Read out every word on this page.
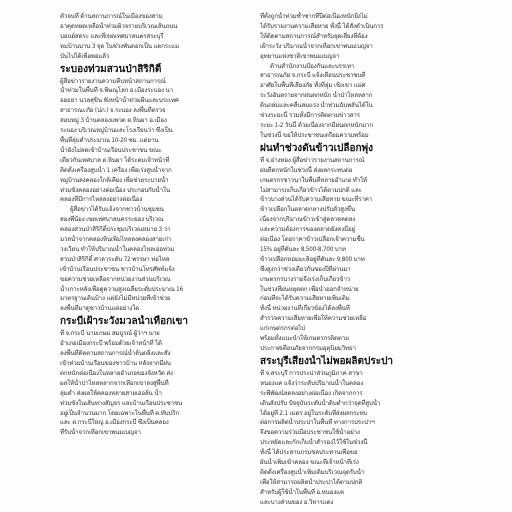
ตัวจนที่ ด้านสถานการณ์ในเมืองของสาม
อาคุดหยดเหลือน้ำท่วมผิวจรายบริเวณเส้นถนน
บอนย์สดระ และที่เขตเทศบาลนครสระบุรี
หมบ้านบาน 3 จุด ในช่วงพันดอกเป็น แดกระแม
บันไปได้เพื่อพอแล้ว
ระบองท่วมสวนป่าสิริกิติ์
ผู้สื่อข่าวรายงานความคืบหน้าสถานการณ์
น้ำท่วมในพื้นที่ จ.พิษณุโลก อ.เมืองระบอง นา
อยธยา นวลสุขิน ฟังหน้าน้ำท่วมผีนและบระเทศ
สาธารณะภัย (ปภ.) จ.ระบอง ลงพื้นที่ตรวจ
สอบหมู่ 3 บ้านคลองแพวด ต.หินผา อ.เมือง
ระบอง บริเวณหมู่บ้านและโรงเรียนว่า ซึ่งเป็น
พื้นที่ลุ่มต่ำประมาณ 10-20 ซม. แต่ยาน
น้ำยังไม่ลดเข้าบ้านเรือนประชาชน ขณะ
เดียวกันเทศบาล ต.หินผา ได้ระดมเจ้าหน้าที่
ติดตั้งเครื่องสูบน้ำ 1 เครื่อง เพื่อเร่งสูบน้ำจาก
หมู่บ้านลงคลองใกล้เคียง เพื่อช่วยระบายน้ำ
ท่วมขังคลองอย่างต่อเนื่อง ประกอบกับน้ำใน
คลองที่มีการไหลลงอย่างต่อเนื่อง
ผู้สื่อข่าวได้รับแจ้งจากชาวบ้านชุมชน
สองพี่น้อง เขตเทศบาลนครระยอง บริเวณ
คลองสวนป่าสิริกิติ์ประชุมบริเวณหมาย 3 ว่า
มวลน้ำจากคลองหินเพิ่มไหลลงคลองสายเก่า
วงเวียน ทำให้ปริมาณน้ำในคลองไหลเอ่อท่วม
สวนป่าสิริกิติ์ ศาลาระดับ 72 พรรษา ท่อไหล
เข้าบ้านเรือนประชาชน ชาวบ้านโทรศัพท์แจ้ง
ขอความช่วยเหลือจากหน่วยงานส่วนบริเวณ
น้ำเกาะหลังเพื่อดูความสูงเฉลี่ยระดับประมาณ 16
มาตรฐานเดินบ้าง แต่ยังไม่มีหน่วยที่เข้าช่วย
ลงพื้นที่มาดูชาวบ้านแต่อย่างใด
กระบี่เฝ้าระวังมวลน้ำเทือกเขา
ที่ จ.กระบี่ นายเกษม สมบูรณ์ ผู้ว่าฯ นาย
อำเภอเมืองกระบี่ พร้อมด้วยเจ้าหน้าที่ ได้
ลงพื้นที่ติดตามสถานการณ์น้ำล้นตลิ่งและสั่ง
เข้าท่วมบ้านเรือนของชาวบ้าน หลังจากมีฝน
ตกหนักต่อเนื่องในหลายอำเภอของจังหวัด ส่ง
ผลให้น้ำป่าไหลหลากจากเทือกเขาลงสู่พื้นที่
ลุ่มต่ำ ส่งผลให้คลองหลายสายเอ่อล้น น้ำ
ท่วมขังในเส้นทางสัญจร และบ้านเรือนประชาชน
อยู่เป็นจำนวนมาก โดยเฉพาะในพื้นที่ ต.ทับปริก
และ ต.กระบี่ใหญ่ อ.เมืองกระบี่ ซึ่งเป็นคลอง
ที่รับน้ำจากเทือกเขาพนมเบญจา
ที่ตั้งถูกน้ำท่วมซ้ำซากทีปีต่อเนื่องหนักยิ่งไม่
ได้รับรายงานความเสียหาย ทั้งนี้ ได้สั่งดำเนินการ
ให้ติดตามสถานการณ์สำหรับจุดเสี่ยงที่ต้อง
เฝ้าระวัง ปริมาณน้ำจากเทือกเขาพนมเบญจา
อุทยานแห่งชาติเขาพนมเบญจา
ด้านสำนักงานป้องกันและบรรเทา
สาธารณภัย จ.กระบี่ แจ้งเตือนประชาชนที่
อาศัยในพื้นที่เสี่ยงภัย ทั้งที่ลุ่ม เชิงเขา แม่ศ
ระวังอันตรายจากฝนตกหนัก น้ำป่าไหลหลาก
ดินถล่มและคลื่นลมแรง น้ำท่วมฉับพลันได้ใน
ช่วงระยะนี้ รวมทั้งมีการติดตามข่าวสาร
ระยะ 1-2 วันนี้ ด้วยเนื่องจากมีฝนตกหนักมาก
ในช่วงนี้ ขอให้ประชาชนเตรียมความพร้อม
ฝนทำช่วงดันข้าวเปลือกพุ่ง
ที่ จ.อ่างทอง ผู้สื่อข่าวรายงานสถานการณ์
ฝนที่ตกหนักในช่วงนี้ ส่งผลกระทบต่อ
เกษตรกรชาวนาในพื้นที่หลายอำเภอ ทำให้
ไม่สามารถเก็บเกี่ยวข้าวได้ตามปกติ และ
ข้าวบางส่วนได้รับความเสียหาย ขณะที่ราคา
ข้าวเปลือกในตลาดกลางปรับตัวสูงขึ้น
เนื่องจากปริมาณข้าวเข้าสู่ตลาดลดลง
และความต้องการของตลาดยังคงมีอยู่
ต่อเนื่อง โดยราคาข้าวเปลือกเจ้าความชื้น
15% อยู่ที่ตันละ 8,500-8,700 บาท
ข้าวเปลือกหอมมะลิอยู่ที่ตันละ 9,800 บาท
ซึ่งสูงกว่าช่วงเดียวกันของปีที่ผ่านมา
เกษตรกรบางรายจึงเร่งเก็บเกี่ยวข้าว
ในช่วงที่ฝนหยุดตก เพื่อนำออกจำหน่าย
ก่อนที่จะได้รับความเสียหายเพิ่มเติม
ทั้งนี้ หน่วยงานที่เกี่ยวข้องได้ลงพื้นที่
สำรวจความเสียหายเพื่อให้ความช่วยเหลือ
แก่เกษตรกรต่อไป
พร้อมทั้งแนะนำให้เกษตรกรติดตาม
ประกาศเตือนภัยจากกรมอุตุนิยมวิทยา
สระบุรีเสี่ยงน้ำไม่พอผลิตประปา
ที่ จ.สระบุรี การประปาส่วนภูมิภาค สาขา
หนองแค แจ้งว่าระดับปริมาณน้ำในคลอง
ระพีพัฒน์ลดลงอย่างต่อเนื่อง เกิดจากการ
เดินสังปรับ ปัจจุบันระดับน้ำดิบต่ำกว่าจุดที่สูบน้ำ
ได้อยู่ที่ 2.1 เมตร อยู่ในระดับที่ส่งผลกระทบ
ต่อการผลิตน้ำประปาในพื้นที่ ทางการประปาฯ
จึงขอความร่วมมือประชาชนใช้น้ำอย่าง
ประหยัดและกักเก็บน้ำสำรองไว้ใช้ในช่วงนี้
ทั้งนี้ ได้ประสานกรมชลประทานเพื่อขอ
ผันน้ำเพิ่มเข้าคลอง ขณะที่เจ้าหน้าที่เร่ง
ติดตั้งเครื่องสูบน้ำเพิ่มเติมบริเวณจุดรับน้ำ
เพื่อให้สามารถผลิตน้ำประปาได้ตามปกติ
สำหรับผู้ใช้น้ำในพื้นที่ อ.หนองแค
และบางส่วนของ อ.วิหารแดง
